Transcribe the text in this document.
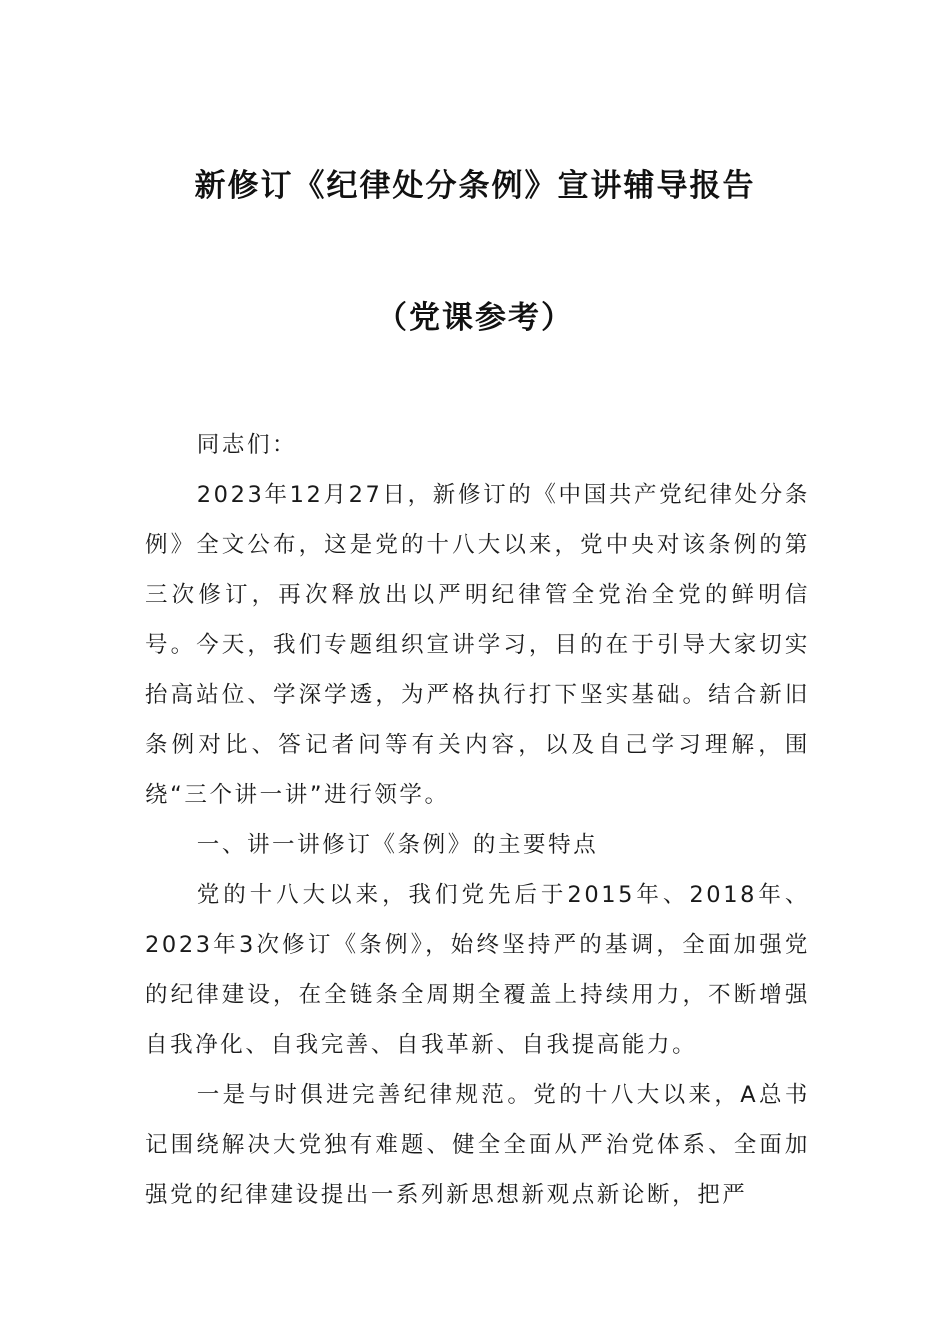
新修订《纪律处分条例》宣讲辅导报告
（党课参考）

同志们：

2023年12月27日，新修订的《中国共产党纪律处分条例》全文公布，这是党的十八大以来，党中央对该条例的第三次修订，再次释放出以严明纪律管全党治全党的鲜明信号。今天，我们专题组织宣讲学习，目的在于引导大家切实抬高站位、学深学透，为严格执行打下坚实基础。结合新旧条例对比、答记者问等有关内容，以及自己学习理解，围绕“三个讲一讲”进行领学。

一、讲一讲修订《条例》的主要特点

党的十八大以来，我们党先后于2015年、2018年、2023年3次修订《条例》，始终坚持严的基调，全面加强党的纪律建设，在全链条全周期全覆盖上持续用力，不断增强自我净化、自我完善、自我革新、自我提高能力。

一是与时俱进完善纪律规范。党的十八大以来，A总书记围绕解决大党独有难题、健全全面从严治党体系、全面加强党的纪律建设提出一系列新思想新观点新论断，把严
